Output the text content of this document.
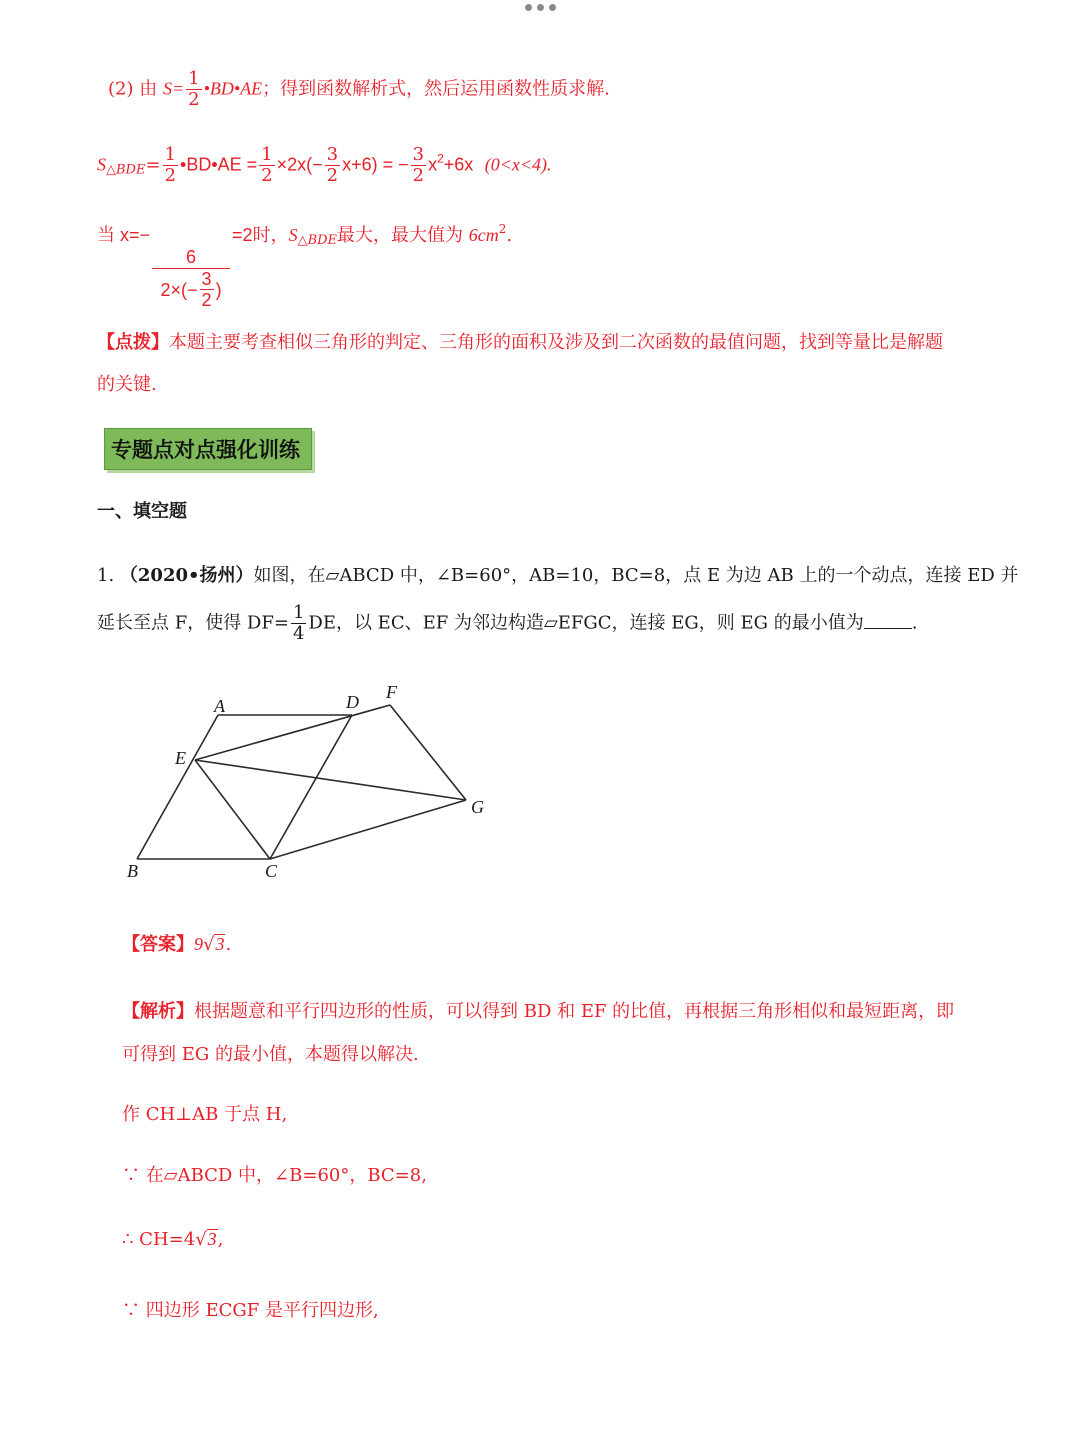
(2) 由 $S= \frac{1}{2}$ •BD•AE；得到函数解析式，然后运用函数性质求解.
$S_{\triangle BDE}= \frac{1}{2}$ •BD•AE = $\frac{1}{2} \times 2x(- \frac{3}{2} x+6)$ = − $\frac{3}{2} x^2+6x$ (0<x<4).
当 x=−
$\frac{6}{2\times(- \frac{3}{2} )}$
=2时，$S_{\triangle BDE}$最大，最大值为 $6cm^2$.
【点拨】本题主要考查相似三角形的判定、三角形的面积及涉及到二次函数的最值问题，找到等量比是解题
的关键.
专题点对点强化训练
一、填空题
1. （2020•扬州）如图，在▱ABCD 中，∠B=60°，AB=10，BC=8，点 E 为边 AB 上的一个动点，连接 ED 并
延长至点 F，使得 $DF= \frac{1}{4}$ DE，以 EC、EF 为邻边构造▱EFGC，连接 EG，则 EG 的最小值为	.
A	D F
E
G
B	C
【答案】9√3.
【解析】根据题意和平行四边形的性质，可以得到 BD 和 EF 的比值，再根据三角形相似和最短距离，即
可得到 EG 的最小值，本题得以解决.
作 CH⊥AB 于点 H,
∵ 在▱ABCD 中，∠B=60°，BC=8,
∴ CH=4√3,
∵ 四边形 ECGF 是平行四边形,
